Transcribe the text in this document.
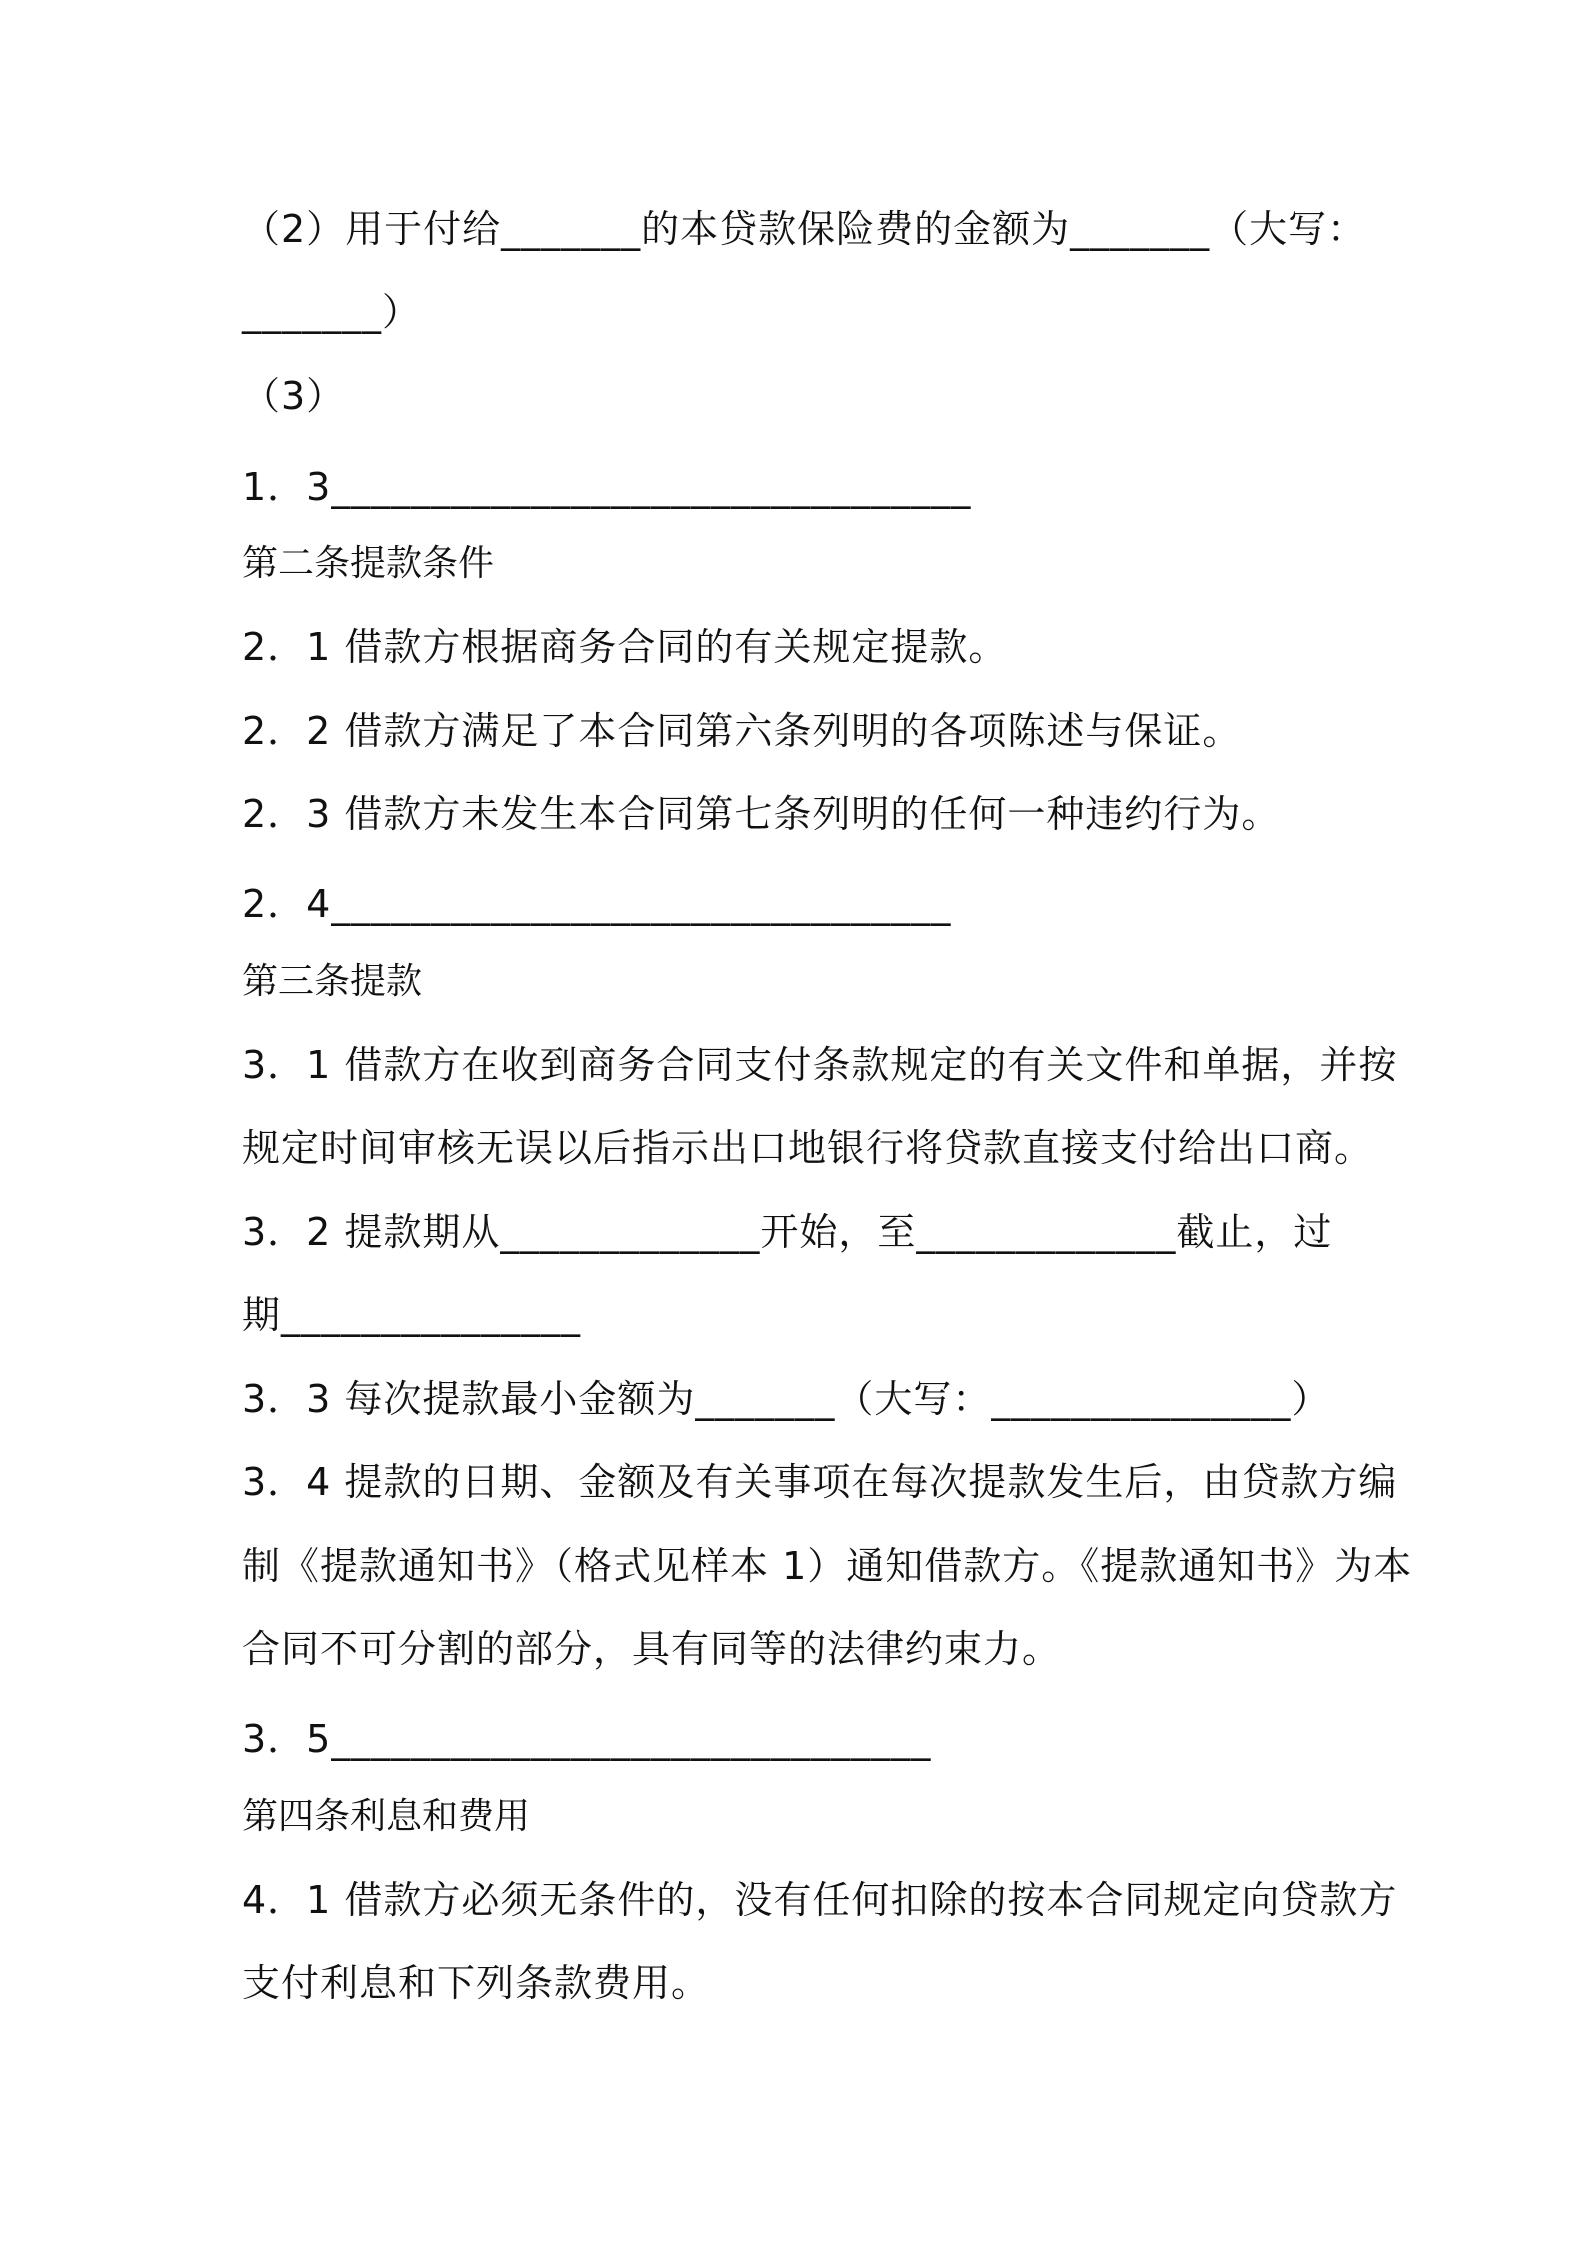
（2）用于付给_______的本贷款保险费的金额为_______（大写：
_______）
（3）
1．3________________________________
第二条提款条件
2．1 借款方根据商务合同的有关规定提款。
2．2 借款方满足了本合同第六条列明的各项陈述与保证。
2．3 借款方未发生本合同第七条列明的任何一种违约行为。
2．4_______________________________
第三条提款
3．1 借款方在收到商务合同支付条款规定的有关文件和单据，并按
规定时间审核无误以后指示出口地银行将贷款直接支付给出口商。
3．2 提款期从_____________开始，至_____________截止，过
期_______________
3．3 每次提款最小金额为_______（大写：_______________）
3．4 提款的日期、金额及有关事项在每次提款发生后，由贷款方编
制《提款通知书》（格式见样本 1）通知借款方。《提款通知书》为本
合同不可分割的部分，具有同等的法律约束力。
3．5______________________________
第四条利息和费用
4．1 借款方必须无条件的，没有任何扣除的按本合同规定向贷款方
支付利息和下列条款费用。
